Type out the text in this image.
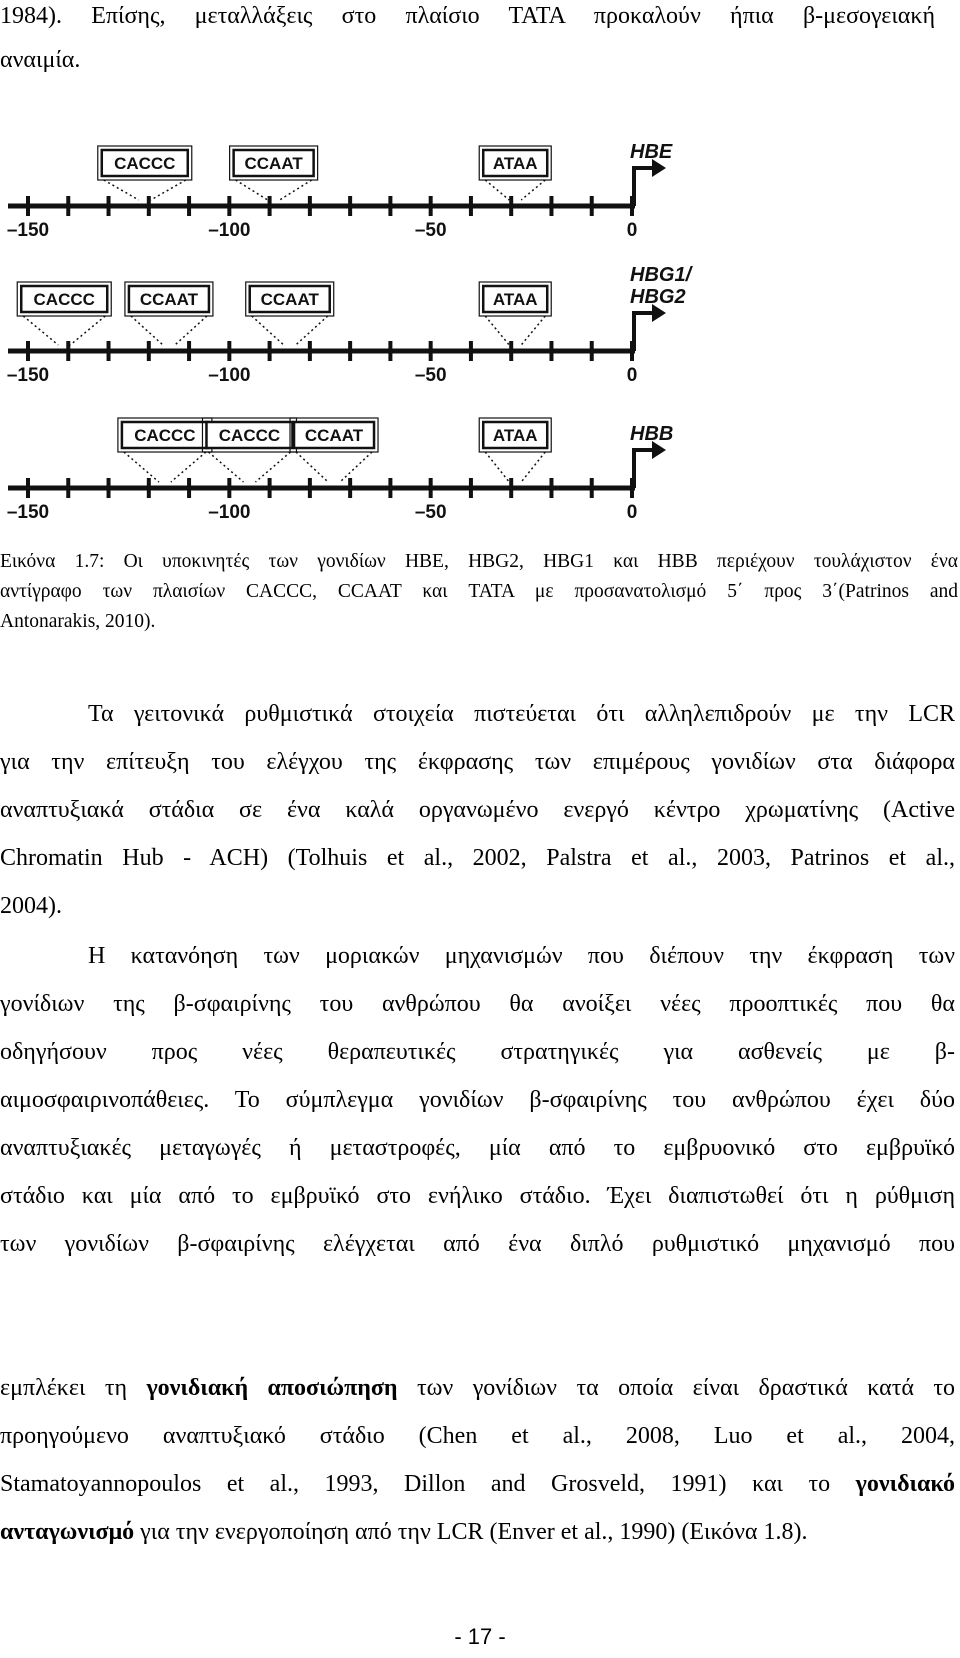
1984). Επίσης, μεταλλάξεις στο πλαίσιο ΤΑΤΑ προκαλούν ήπια β-μεσογειακή
αναιμία.
–150	–100	–50	0
HBE
CACCC	CCAAT	ATAA
–150	–100	–50	0
HBG1/
HBG2
CACCC	CCAAT	CCAAT	ATAA
–150	–100	–50	0
HBB
CACCC CACCC CCAAT	ATAA
Εικόνα 1.7: Οι υποκινητές των γονιδίων HBE, HBG2, HBG1 και HBB περιέχουν τουλάχιστον ένα
αντίγραφο των πλαισίων CACCC, CCAAT και TATA με προσανατολισμό 5΄ προς 3΄(Patrinos and
Antonarakis, 2010).
Τα γειτονικά ρυθμιστικά στοιχεία πιστεύεται ότι αλληλεπιδρούν με την LCR
για την επίτευξη του ελέγχου της έκφρασης των επιμέρους γονιδίων στα διάφορα
αναπτυξιακά στάδια σε ένα καλά οργανωμένο ενεργό κέντρο χρωματίνης (Active
Chromatin Hub - ACH) (Tolhuis et al., 2002, Palstra et al., 2003, Patrinos et al.,
2004).
Η κατανόηση των μοριακών μηχανισμών που διέπουν την έκφραση των
γονίδιων της β-σφαιρίνης του ανθρώπου θα ανοίξει νέες προοπτικές που θα
οδηγήσουν προς νέες θεραπευτικές στρατηγικές για ασθενείς με β-
αιμοσφαιρινοπάθειες. Το σύμπλεγμα γονιδίων β-σφαιρίνης του ανθρώπου έχει δύο
αναπτυξιακές μεταγωγές ή μεταστροφές, μία από το εμβρυονικό στο εμβρυϊκό
στάδιο και μία από το εμβρυϊκό στο ενήλικο στάδιο. Έχει διαπιστωθεί ότι η ρύθμιση
των γονιδίων β-σφαιρίνης ελέγχεται από ένα διπλό ρυθμιστικό μηχανισμό που
εμπλέκει τη γονιδιακή αποσιώπηση των γονίδιων τα οποία είναι δραστικά κατά το
προηγούμενο αναπτυξιακό στάδιο (Chen et al., 2008, Luo et al., 2004,
Stamatoyannopoulos et al., 1993, Dillon and Grosveld, 1991) και το γονιδιακό
ανταγωνισμό για την ενεργοποίηση από την LCR (Enver et al., 1990) (Εικόνα 1.8).
- 17 -
